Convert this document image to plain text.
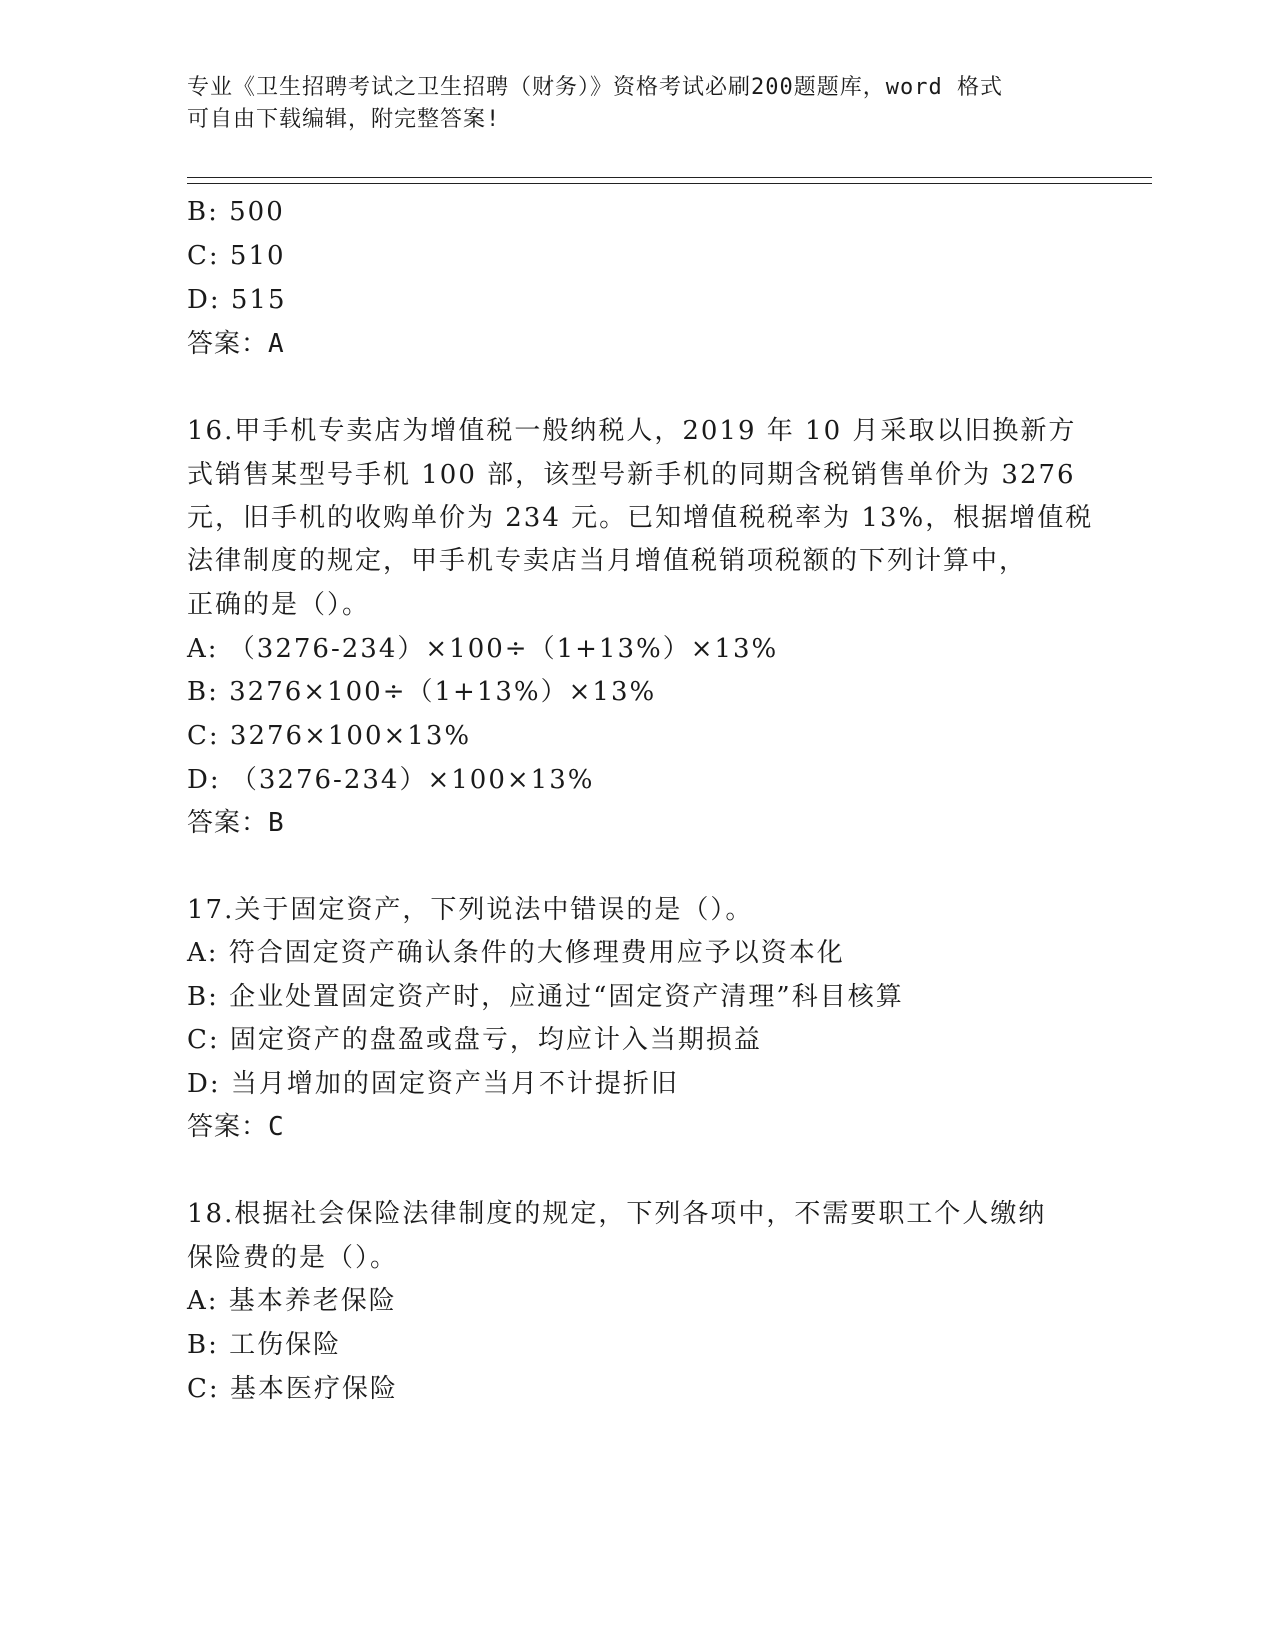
专业《卫生招聘考试之卫生招聘（财务）》资格考试必刷200题题库，word 格式
可自由下载编辑，附完整答案!
B: 500
C: 510
D: 515
答案：A
16.甲手机专卖店为增值税一般纳税人，2019 年 10 月采取以旧换新方
式销售某型号手机 100 部，该型号新手机的同期含税销售单价为 3276
元，旧手机的收购单价为 234 元。已知增值税税率为 13%，根据增值税
法律制度的规定，甲手机专卖店当月增值税销项税额的下列计算中，
正确的是（）。
A: （3276-234）×100÷（1+13%）×13%
B: 3276×100÷（1+13%）×13%
C: 3276×100×13%
D: （3276-234）×100×13%
答案：B
17.关于固定资产，下列说法中错误的是（）。
A: 符合固定资产确认条件的大修理费用应予以资本化
B: 企业处置固定资产时，应通过“固定资产清理”科目核算
C: 固定资产的盘盈或盘亏，均应计入当期损益
D: 当月增加的固定资产当月不计提折旧
答案：C
18.根据社会保险法律制度的规定，下列各项中，不需要职工个人缴纳
保险费的是（）。
A: 基本养老保险
B: 工伤保险
C: 基本医疗保险
